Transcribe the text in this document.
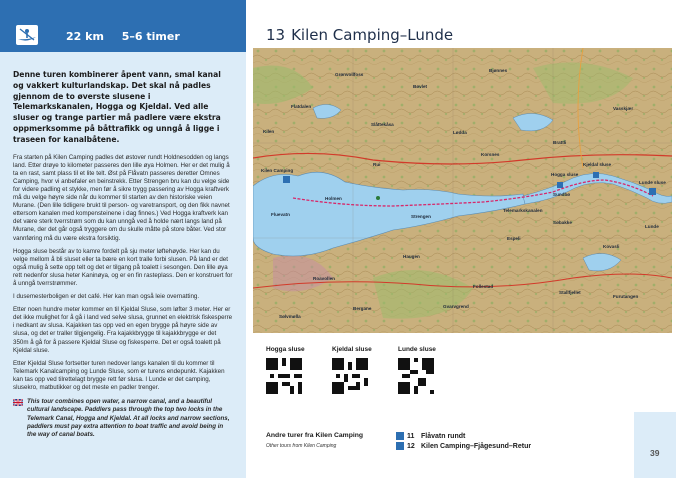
22 km 5–6 timer
Denne turen kombinerer åpent vann, smal kanal og vakkert kulturlandskap. Det skal nå padles gjennom de to øverste slusene i Telemarkskanalen, Hogga og Kjeldal. Ved alle sluser og trange partier må padlere være ekstra oppmerksomme på båttrafikk og unngå å ligge i traseen for kanalbåtene.

Fra starten på Kilen Camping padles det østover rundt Holdnesodden og langs land. Etter drøye to kilometer passeres den lille øya Holmen. Her er det mulig å ta en rast, samt plass til et lite telt. Øst på Flåvatn passeres deretter Omnes Camping, hvor vi anbefaler en beinstrekk. Etter Strengen bru kan du velge side for videre padling et stykke, men før å sikre trygg passering av Hogga kraftverk må du velge høyre side når du kommer til starten av den historiske veien Murane. (Den lille tidligere brukt til person- og varetransport, og den fikk navnet ettersom kanalen med kompensteinene i dag finnes.) Ved Hogga kraftverk kan det være sterk tverrstrøm som du kan unngå ved å holde nært langs land på Murane, der det går også tryggere om du skulle måtte på store båter. Ved stor vannføring må du være ekstra forsiktig.

Hogga sluse består av to kamre fordelt på sju meter løftehøyde. Her kan du velge mellom å bli sluset eller ta bære en kort tralle forbi slusen. På land er det også mulig å sette opp telt og det er tilgang på toalett i sesongen. Den lille øya rett nedenfor slusa heter Kaninøya, og er en fin rasteplass. Den er konstruert for å unngå tverrstrømmer.

I dusemesterboligen er det café. Her kan man også leie overnatting.

Etter noen hundre meter kommer en til Kjeldal Sluse, som løfter 3 meter. Her er det ikke mulighet for å gå i land ved selve slusa, grunnet en elektrisk fiskesperre i nedkant av slusa. Kajakken tas opp ved en egen brygge på høyre side av slusa, og det er traller tilgjengelig. Fra kajakkbrygge til kajakkbrygge er det 350m å gå for å passere Kjeldal Sluse og fiskesperre. Det er også toalett på Kjeldal sluse.

Etter Kjeldal Sluse fortsetter turen nedover langs kanalen til du kommer til Telemark Kanalcamping og Lunde Sluse, som er turens endepunkt. Kajakken kan tas opp ved tilrettelagt brygge rett før slusa. I Lunde er det camping, slusekro, matbutikker og det meste en padler trenger.

This tour combines open water, a narrow canal, and a beautiful cultural landscape. Paddlers pass through the top two locks in the Telemark Canal, Hogga and Kjeldal. At all locks and narrow sections, paddlers must pay extra attention to boat traffic and avoid being in the way of canal boats.
13 Kilen Camping–Lunde
Kilen
Kilen Camping
Hogga sluse
Kjeldal sluse
Lunde sluse
Lunde
Fluevatn
Holmen
Grønvollfoss
Bøvlet
Bjønnes
Vasskjær
Slåttekåsa
Lødda
Sølvmølla
Flatdalen
Korsnes
Strengen
Brattli
Søbakke
Roavollen
Haugen
Espeli
Follestad
Rui
Gvarvgrend
Telemarkskanalen
Stallfjellet
Kovasli
Sundbø
Bergane
Furutangen
Hogga sluse	Kjeldal sluse	Lunde sluse
Andre turer fra Kilen Camping
Other tours from Kilen Camping
11 Flåvatn rundt
12 Kilen Camping–Fjågesund–Retur
39
